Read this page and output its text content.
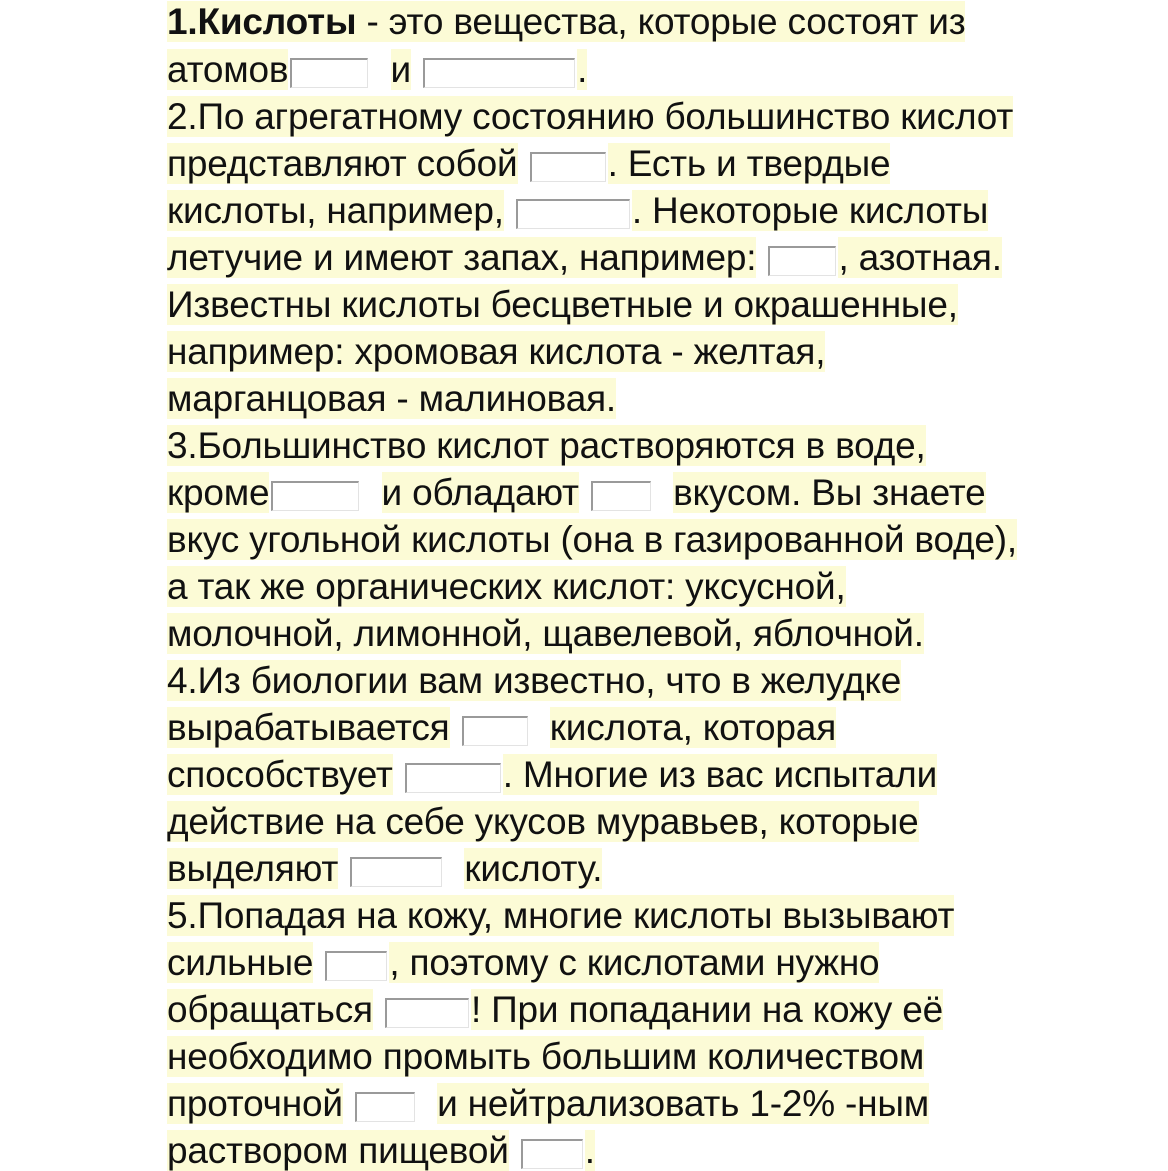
1.Кислоты - это вещества, которые состоят из
атомов	и	.
2.По агрегатному состоянию большинство кислот
представляют собой . Есть и твердые
кислоты, например,	. Некоторые кислоты
летучие и имеют запах, например: , азотная.
Известны кислоты бесцветные и окрашенные,
например: хромовая кислота - желтая,
марганцовая - малиновая.
3.Большинство кислот растворяются в воде,
кроме	и обладают	вкусом. Вы знаете
вкус угольной кислоты (она в газированной воде),
а так же органических кислот: уксусной,
молочной, лимонной, щавелевой, яблочной.
4.Из биологии вам известно, что в желудке
вырабатывается	кислота, которая
способствует	. Многие из вас испытали
действие на себе укусов муравьев, которые
выделяют	кислоту.
5.Попадая на кожу, многие кислоты вызывают
сильные , поэтому с кислотами нужно
обращаться	! При попадании на кожу её
необходимо промыть большим количеством
проточной	и нейтрализовать 1-2% -ным
раствором пищевой .
